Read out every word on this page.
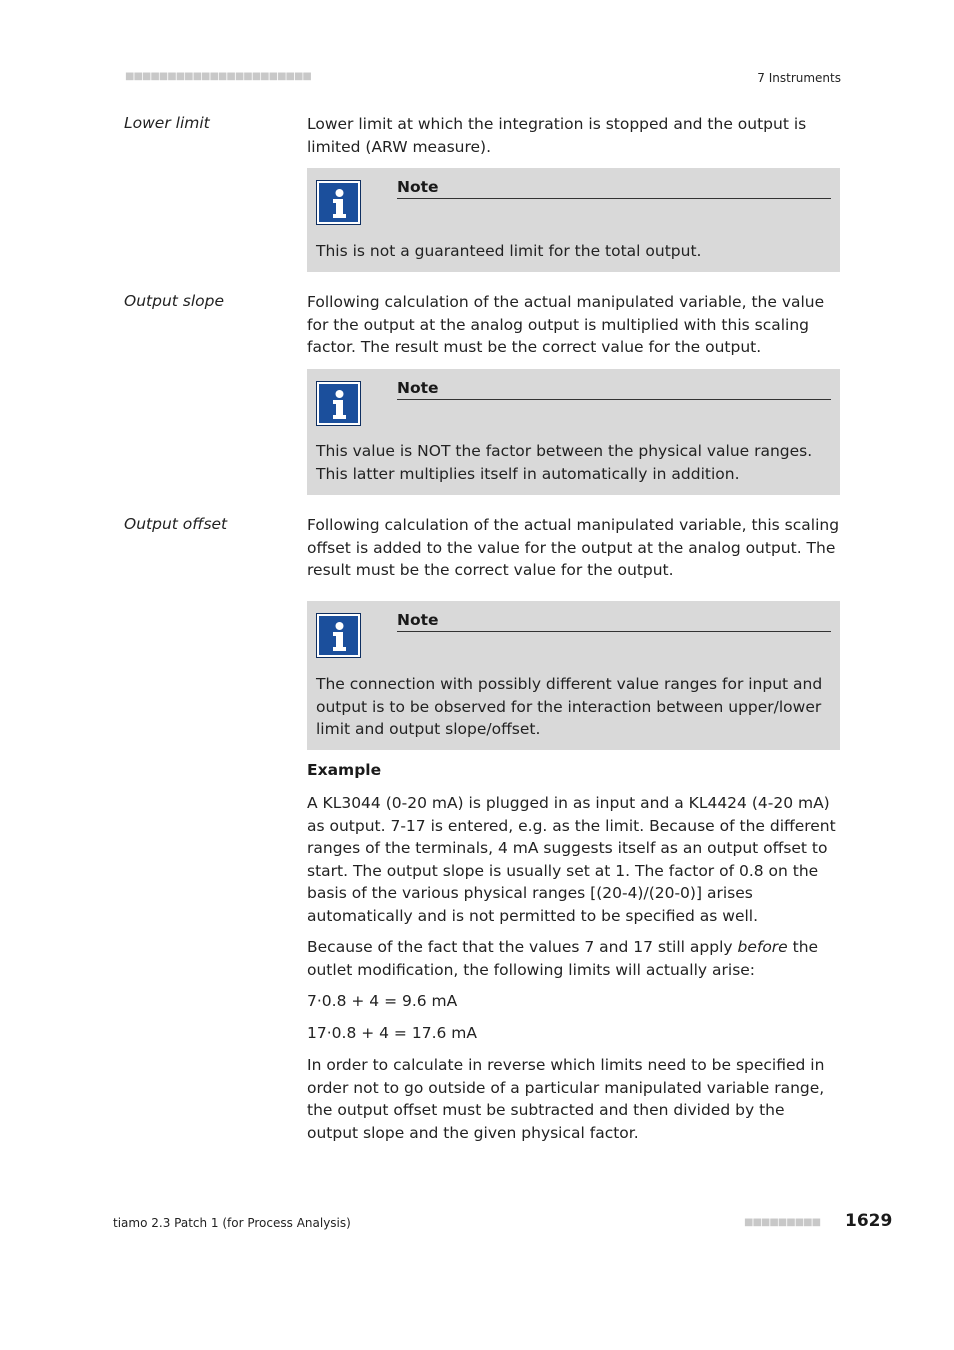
■■■■■■■■■■■■■■■■■■■■■■	7 Instruments
Lower limit	Lower limit at which the integration is stopped and the output is limited (ARW measure).

Note

This is not a guaranteed limit for the total output.

Output slope	Following calculation of the actual manipulated variable, the value for the output at the analog output is multiplied with this scaling factor. The result must be the correct value for the output.

Note

This value is NOT the factor between the physical value ranges. This latter multiplies itself in automatically in addition.

Output offset	Following calculation of the actual manipulated variable, this scaling offset is added to the value for the output at the analog output. The result must be the correct value for the output.

Note

The connection with possibly different value ranges for input and output is to be observed for the interaction between upper/lower limit and output slope/offset.

Example

A KL3044 (0-20 mA) is plugged in as input and a KL4424 (4-20 mA) as output. 7-17 is entered, e.g. as the limit. Because of the different ranges of the terminals, 4 mA suggests itself as an output offset to start. The output slope is usually set at 1. The factor of 0.8 on the basis of the various physical ranges [(20-4)/(20-0)] arises automatically and is not permitted to be specified as well.

Because of the fact that the values 7 and 17 still apply before the outlet modification, the following limits will actually arise:

7·0.8 + 4 = 9.6 mA

17·0.8 + 4 = 17.6 mA

In order to calculate in reverse which limits need to be specified in order not to go outside of a particular manipulated variable range, the output offset must be subtracted and then divided by the output slope and the given physical factor.

tiamo 2.3 Patch 1 (for Process Analysis)	■■■■■■■■■ 1629
